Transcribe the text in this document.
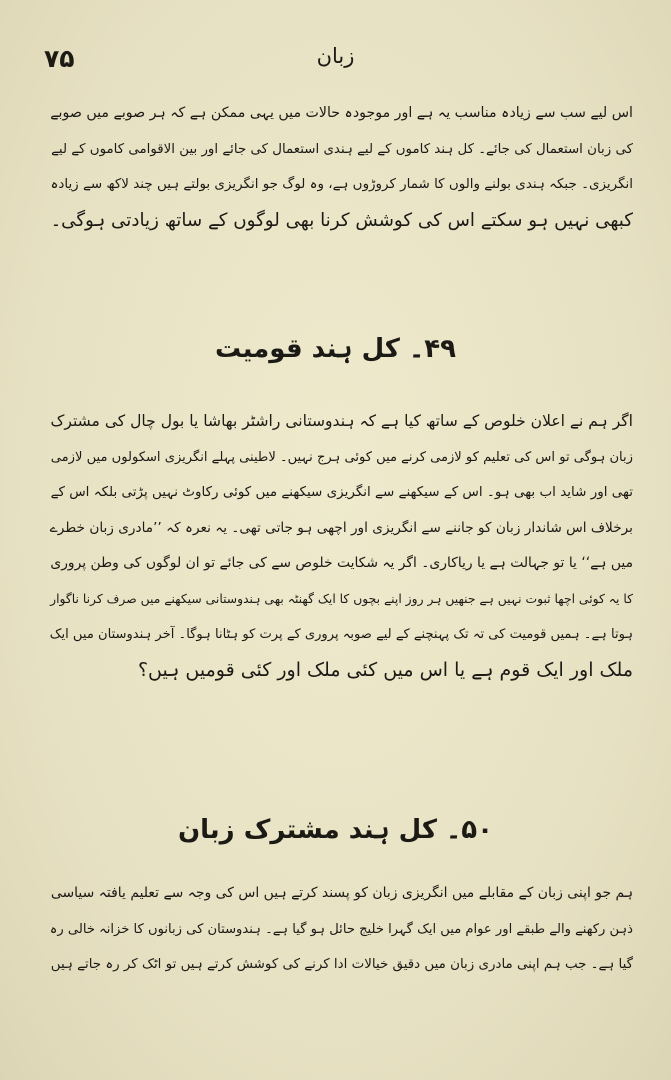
۷۵	زبان

اس لیے سب سے زیادہ مناسب یہ ہے اور موجودہ حالات میں یہی ممکن ہے کہ ہر صوبے میں صوبے

کی زبان استعمال کی جائے۔ کل ہند کاموں کے لیے ہندی استعمال کی جائے اور بین الاقوامی کاموں کے لیے

انگریزی۔ جبکہ ہندی بولنے والوں کا شمار کروڑوں ہے، وہ لوگ جو انگریزی بولتے ہیں چند لاکھ سے زیادہ

کبھی نہیں ہو سکتے اس کی کوشش کرنا بھی لوگوں کے ساتھ زیادتی ہوگی۔

۴۹۔ کل ہند قومیت

اگر ہم نے اعلان خلوص کے ساتھ کیا ہے کہ ہندوستانی راشٹر بھاشا یا بول چال کی مشترک

زبان ہوگی تو اس کی تعلیم کو لازمی کرنے میں کوئی ہرج نہیں۔ لاطینی پہلے انگریزی اسکولوں میں لازمی

تھی اور شاید اب بھی ہو۔ اس کے سیکھنے سے انگریزی سیکھنے میں کوئی رکاوٹ نہیں پڑتی بلکہ اس کے

برخلاف اس شاندار زبان کو جاننے سے انگریزی اور اچھی ہو جاتی تھی۔ یہ نعرہ کہ ’’مادری زبان خطرے

میں ہے‘‘ یا تو جہالت ہے یا ریاکاری۔ اگر یہ شکایت خلوص سے کی جائے تو ان لوگوں کی وطن پروری

کا یہ کوئی اچھا ثبوت نہیں ہے جنھیں ہر روز اپنے بچوں کا ایک گھنٹہ بھی ہندوستانی سیکھنے میں صرف کرنا ناگوار

ہوتا ہے۔ ہمیں قومیت کی تہ تک پہنچنے کے لیے صوبہ پروری کے پرت کو ہٹانا ہوگا۔ آخر ہندوستان میں ایک

ملک اور ایک قوم ہے یا اس میں کئی ملک اور کئی قومیں ہیں؟

۵۰۔ کل ہند مشترک زبان

ہم جو اپنی زبان کے مقابلے میں انگریزی زبان کو پسند کرتے ہیں اس کی وجہ سے تعلیم یافتہ سیاسی

ذہن رکھنے والے طبقے اور عوام میں ایک گہرا خلیج حائل ہو گیا ہے۔ ہندوستان کی زبانوں کا خزانہ خالی رہ

گیا ہے۔ جب ہم اپنی مادری زبان میں دقیق خیالات ادا کرنے کی کوشش کرتے ہیں تو اٹک کر رہ جاتے ہیں
